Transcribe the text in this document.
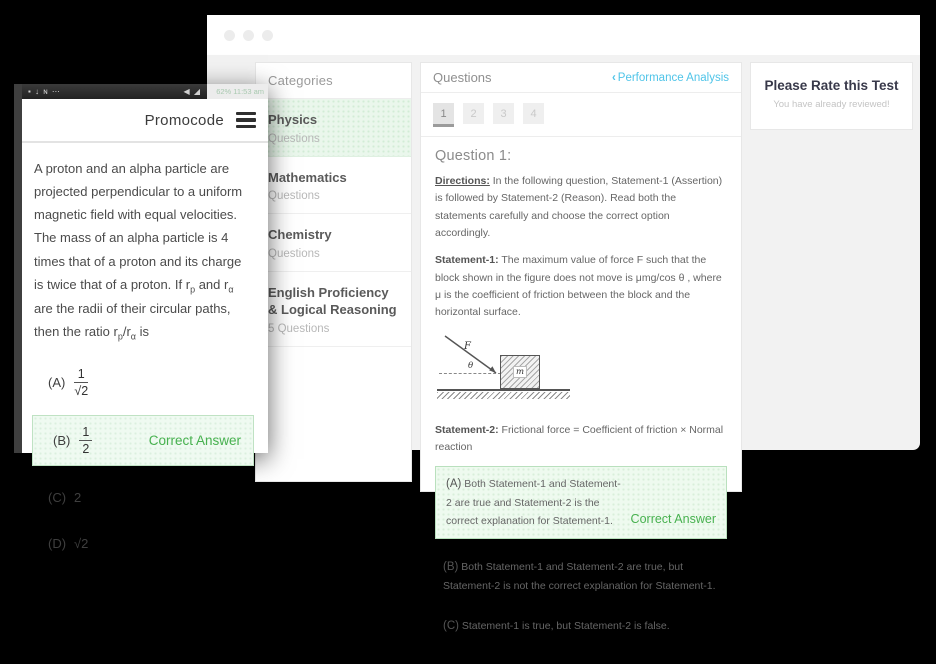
Categories
Physics
Questions
Mathematics
Questions
Chemistry
Questions
English Proficiency & Logical Reasoning
5 Questions
Questions	‹ Performance Analysis
1	2	3	4
Question 1:

Directions: In the following question, Statement-1 (Assertion) is followed by Statement-2 (Reason). Read both the statements carefully and choose the correct option accordingly.

Statement-1: The maximum value of force F such that the block shown in the figure does not move is μmg/cos θ , where μ is the coefficient of friction between the block and the horizontal surface.

F
θ
m

Statement-2: Frictional force = Coefficient of friction × Normal reaction

(A) Both Statement-1 and Statement-2 are true and Statement-2 is the correct explanation for Statement-1.	Correct Answer
(B) Both Statement-1 and Statement-2 are true, but Statement-2 is not the correct explanation for Statement-1.
(C) Statement-1 is true, but Statement-2 is false.
Please Rate this Test
You have already reviewed!
▪ ↓ ɴ ⋯	◀ ◢ 62% 11:53 am
Promocode

A proton and an alpha particle are projected perpendicular to a uniform magnetic field with equal velocities. The mass of an alpha particle is 4 times that of a proton and its charge is twice that of a proton. If $r_p$ and $r_\alpha$ are the radii of their circular paths, then the ratio $r_p/r_\alpha$ is

$(A) \frac{1}{√2}$
$(B) \frac{1}{2}$	Correct Answer
(C) 2
(D) √2
